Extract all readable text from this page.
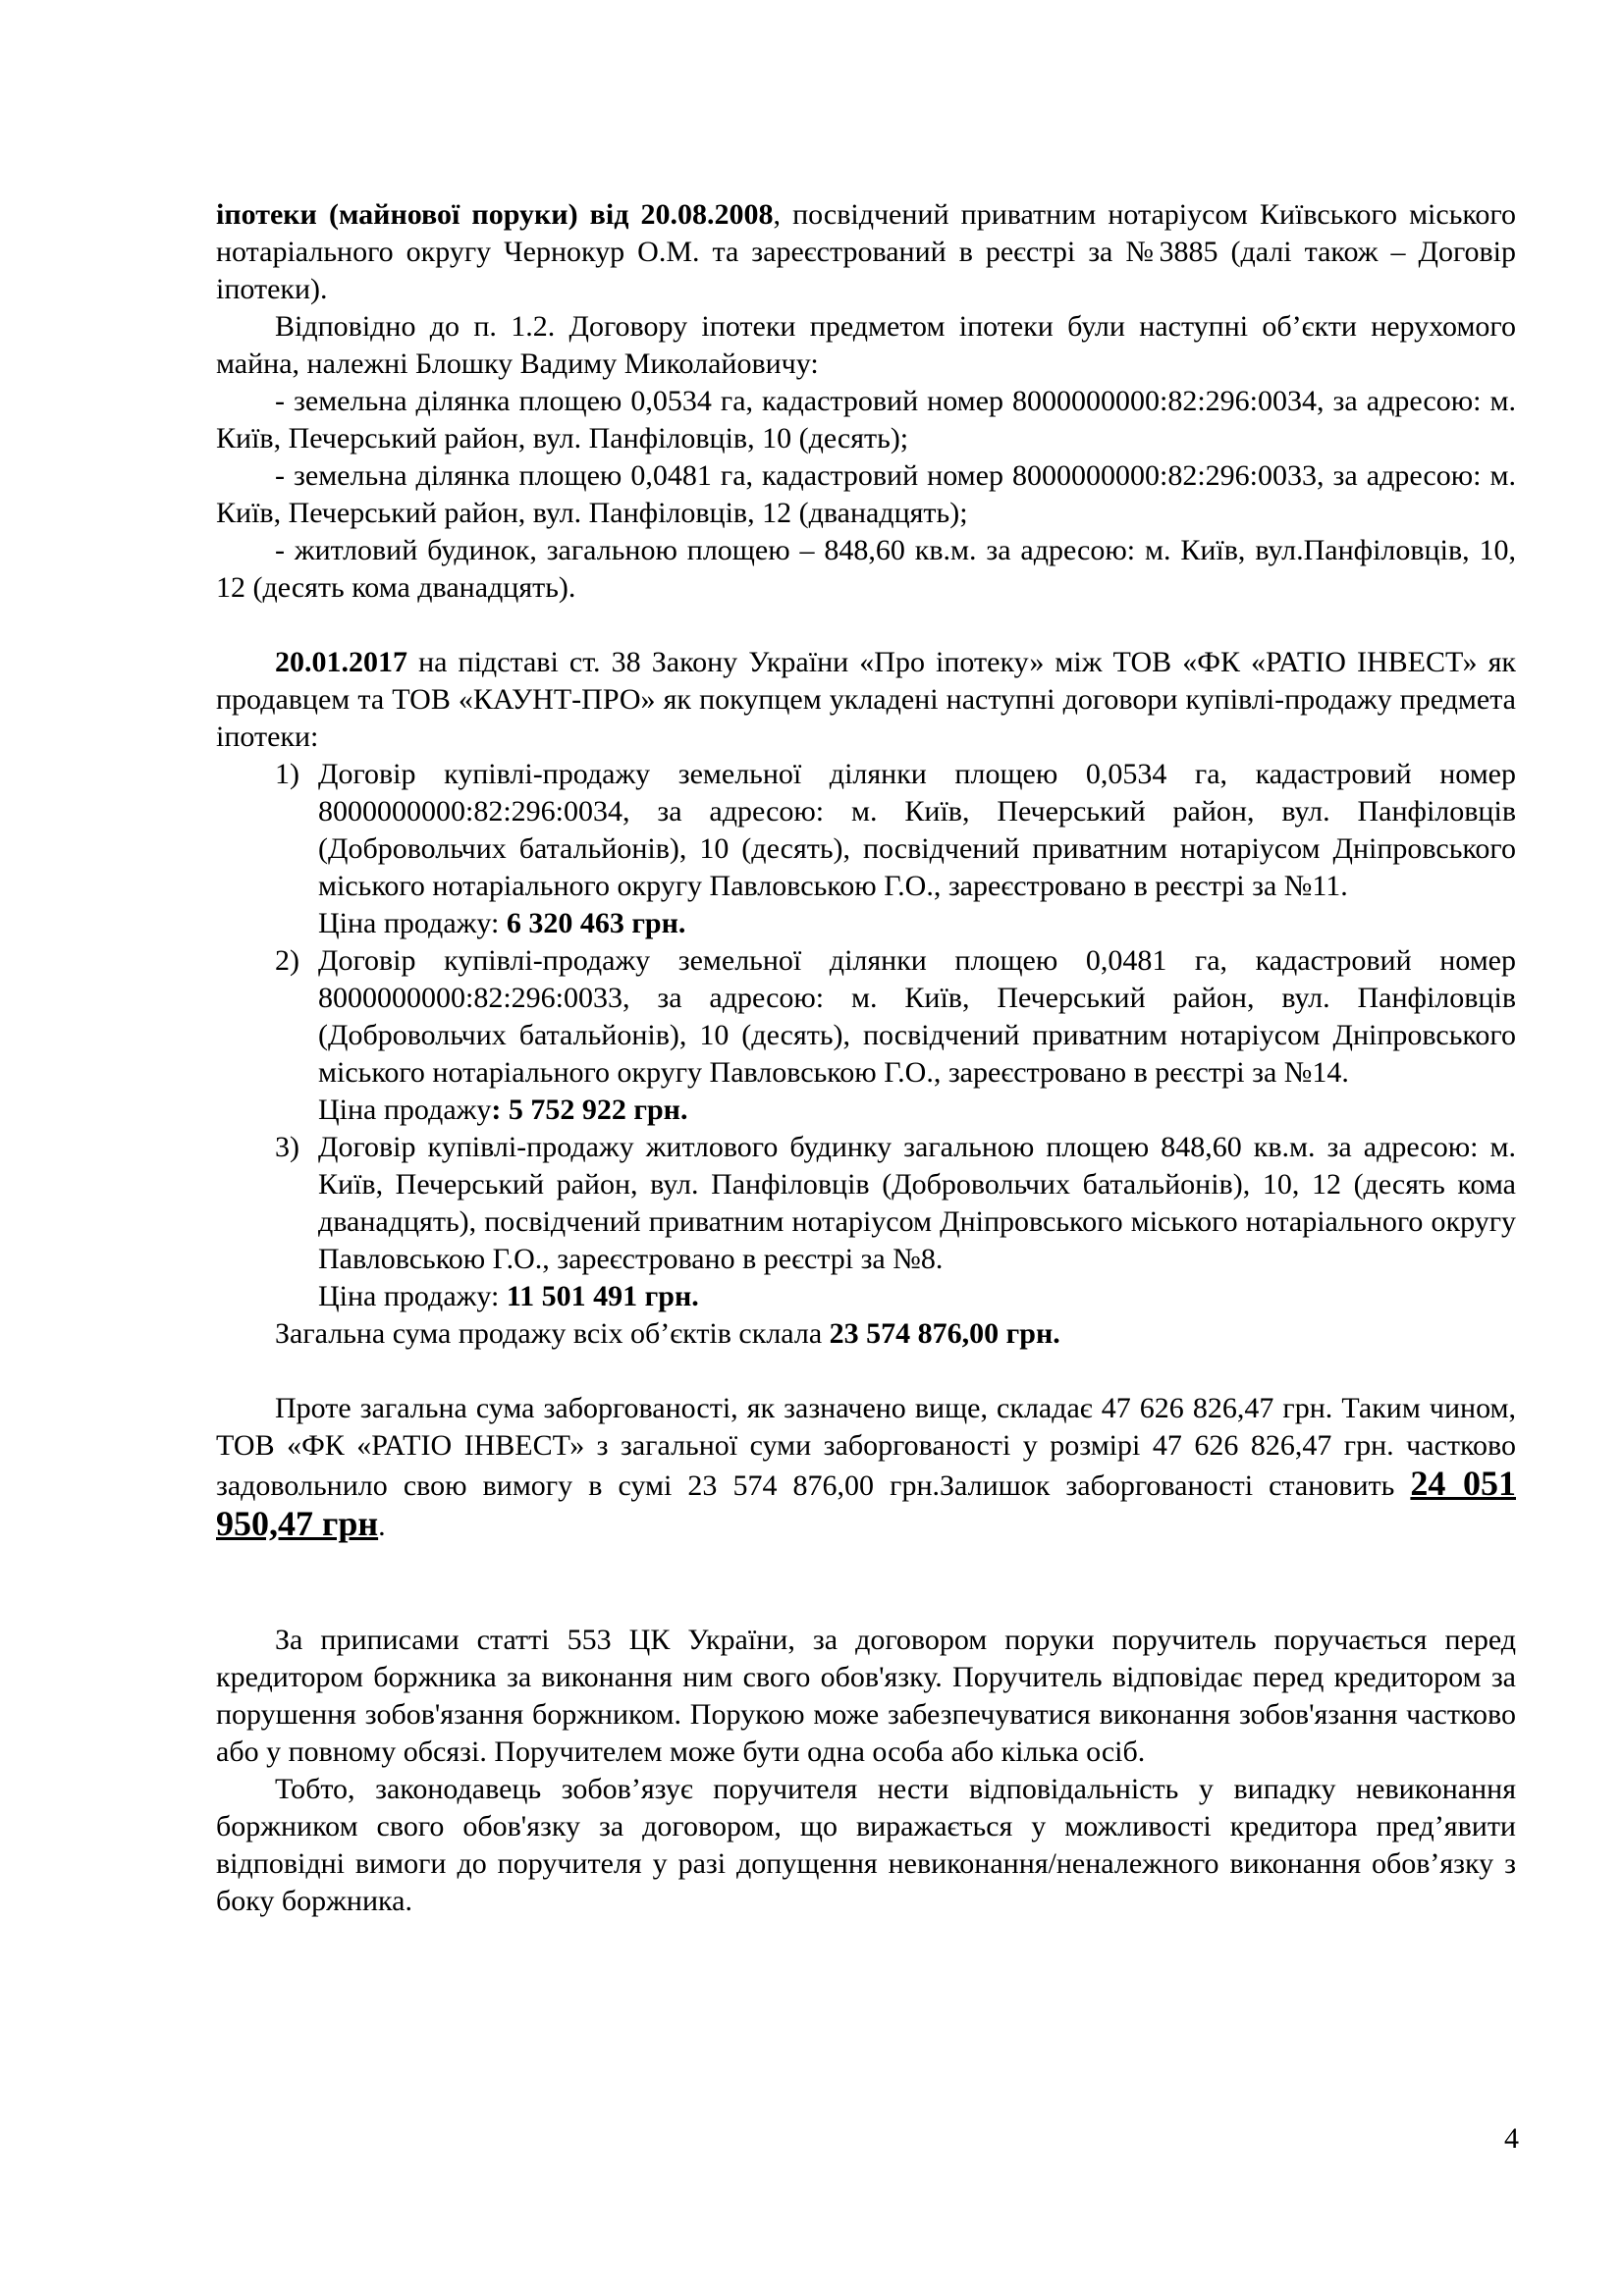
іпотеки (майнової поруки) від 20.08.2008, посвідчений приватним нотаріусом Київського міського нотаріального округу Чернокур О.М. та зареєстрований в реєстрі за №3885 (далі також – Договір іпотеки).

Відповідно до п. 1.2. Договору іпотеки предметом іпотеки були наступні об’єкти нерухомого майна, належні Блошку Вадиму Миколайовичу:

- земельна ділянка площею 0,0534 га, кадастровий номер 8000000000:82:296:0034, за адресою: м. Київ, Печерський район, вул. Панфіловців, 10 (десять);

- земельна ділянка площею 0,0481 га, кадастровий номер 8000000000:82:296:0033, за адресою: м. Київ, Печерський район, вул. Панфіловців, 12 (дванадцять);

- житловий будинок, загальною площею – 848,60 кв.м. за адресою: м. Київ, вул.Панфіловців, 10, 12 (десять кома дванадцять).

20.01.2017 на підставі ст. 38 Закону України «Про іпотеку» між ТОВ «ФК «РАТІО ІНВЕСТ» як продавцем та ТОВ «КАУНТ-ПРО» як покупцем укладені наступні договори купівлі-продажу предмета іпотеки:

1) Договір купівлі-продажу земельної ділянки площею 0,0534 га, кадастровий номер 8000000000:82:296:0034, за адресою: м. Київ, Печерський район, вул. Панфіловців (Добровольчих батальйонів), 10 (десять), посвідчений приватним нотаріусом Дніпровського міського нотаріального округу Павловською Г.О., зареєстровано в реєстрі за №11.
Ціна продажу: 6 320 463 грн.
2) Договір купівлі-продажу земельної ділянки площею 0,0481 га, кадастровий номер 8000000000:82:296:0033, за адресою: м. Київ, Печерський район, вул. Панфіловців (Добровольчих батальйонів), 10 (десять), посвідчений приватним нотаріусом Дніпровського міського нотаріального округу Павловською Г.О., зареєстровано в реєстрі за №14.
Ціна продажу: 5 752 922 грн.
3) Договір купівлі-продажу житлового будинку загальною площею 848,60 кв.м. за адресою: м. Київ, Печерський район, вул. Панфіловців (Добровольчих батальйонів), 10, 12 (десять кома дванадцять), посвідчений приватним нотаріусом Дніпровського міського нотаріального округу Павловською Г.О., зареєстровано в реєстрі за №8.
Ціна продажу: 11 501 491 грн.

Загальна сума продажу всіх об’єктів склала 23 574 876,00 грн.

Проте загальна сума заборгованості, як зазначено вище, складає 47 626 826,47 грн. Таким чином, ТОВ «ФК «РАТІО ІНВЕСТ» з загальної суми заборгованості у розмірі 47 626 826,47 грн. частково задовольнило свою вимогу в сумі 23 574 876,00 грн.Залишок заборгованості становить 24 051 950,47 грн.

За приписами статті 553 ЦК України, за договором поруки поручитель поручається перед кредитором боржника за виконання ним свого обов'язку. Поручитель відповідає перед кредитором за порушення зобов'язання боржником. Порукою може забезпечуватися виконання зобов'язання частково або у повному обсязі. Поручителем може бути одна особа або кілька осіб.

Тобто, законодавець зобов’язує поручителя нести відповідальність у випадку невиконання боржником свого обов'язку за договором, що виражається у можливості кредитора пред’явити відповідні вимоги до поручителя у разі допущення невиконання/неналежного виконання обов’язку з боку боржника.

4
